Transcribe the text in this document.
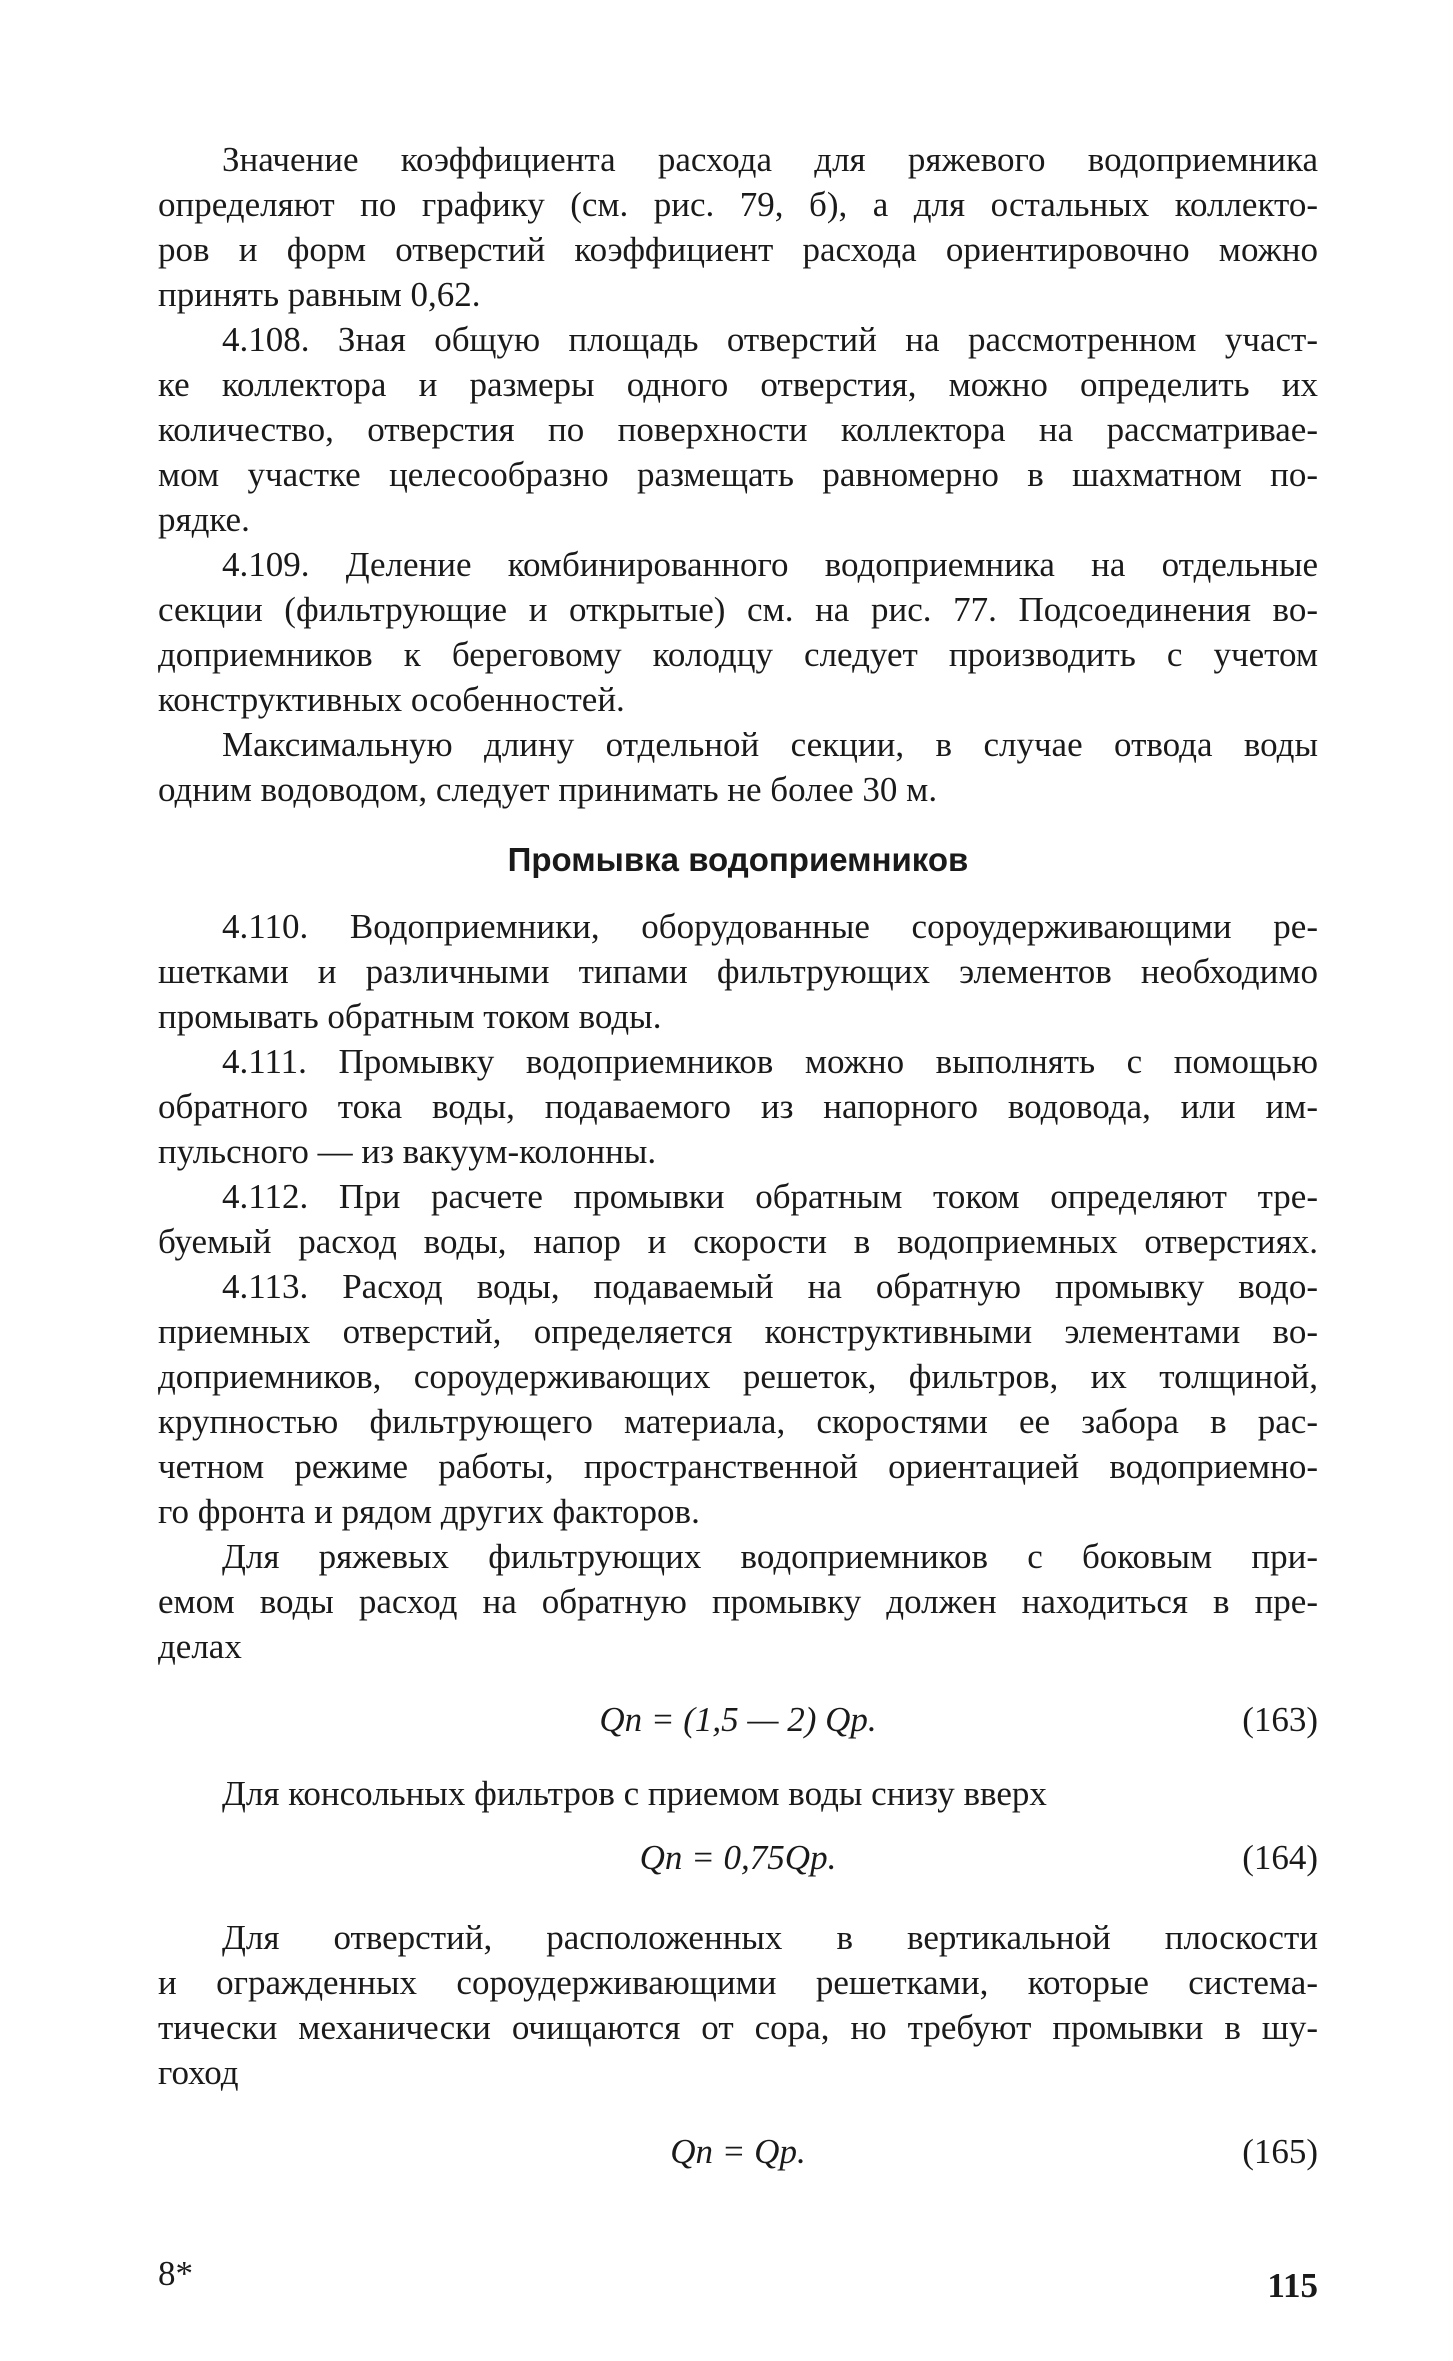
Значение коэффициента расхода для ряжевого водоприемника
определяют по графику (см. рис. 79, б), а для остальных коллекто-
ров и форм отверстий коэффициент расхода ориентировочно можно
принять равным 0,62.
4.108. Зная общую площадь отверстий на рассмотренном участ-
ке коллектора и размеры одного отверстия, можно определить их
количество, отверстия по поверхности коллектора на рассматривае-
мом участке целесообразно размещать равномерно в шахматном по-
рядке.
4.109. Деление комбинированного водоприемника на отдельные
секции (фильтрующие и открытые) см. на рис. 77. Подсоединения во-
доприемников к береговому колодцу следует производить с учетом
конструктивных особенностей.
Максимальную длину отдельной секции, в случае отвода воды
одним водоводом, следует принимать не более 30 м.
Промывка водоприемников
4.110. Водоприемники, оборудованные сороудерживающими ре-
шетками и различными типами фильтрующих элементов необходимо
промывать обратным током воды.
4.111. Промывку водоприемников можно выполнять с помощью
обратного тока воды, подаваемого из напорного водовода, или им-
пульсного — из вакуум-колонны.
4.112. При расчете промывки обратным током определяют тре-
буемый расход воды, напор и скорости в водоприемных отверстиях.
4.113. Расход воды, подаваемый на обратную промывку водо-
приемных отверстий, определяется конструктивными элементами во-
доприемников, сороудерживающих решеток, фильтров, их толщиной,
крупностью фильтрующего материала, скоростями ее забора в рас-
четном режиме работы, пространственной ориентацией водоприемно-
го фронта и рядом других факторов.
Для ряжевых фильтрующих водоприемников с боковым при-
емом воды расход на обратную промывку должен находиться в пре-
делах
Qn = (1,5 — 2) Qp.	(163)
Для консольных фильтров с приемом воды снизу вверх
Qn = 0,75Qp.	(164)
Для отверстий, расположенных в вертикальной плоскости
и огражденных сороудерживающими решетками, которые система-
тически механически очищаются от сора, но требуют промывки в шу-
гоход
Qn = Qp.	(165)
8*	115
